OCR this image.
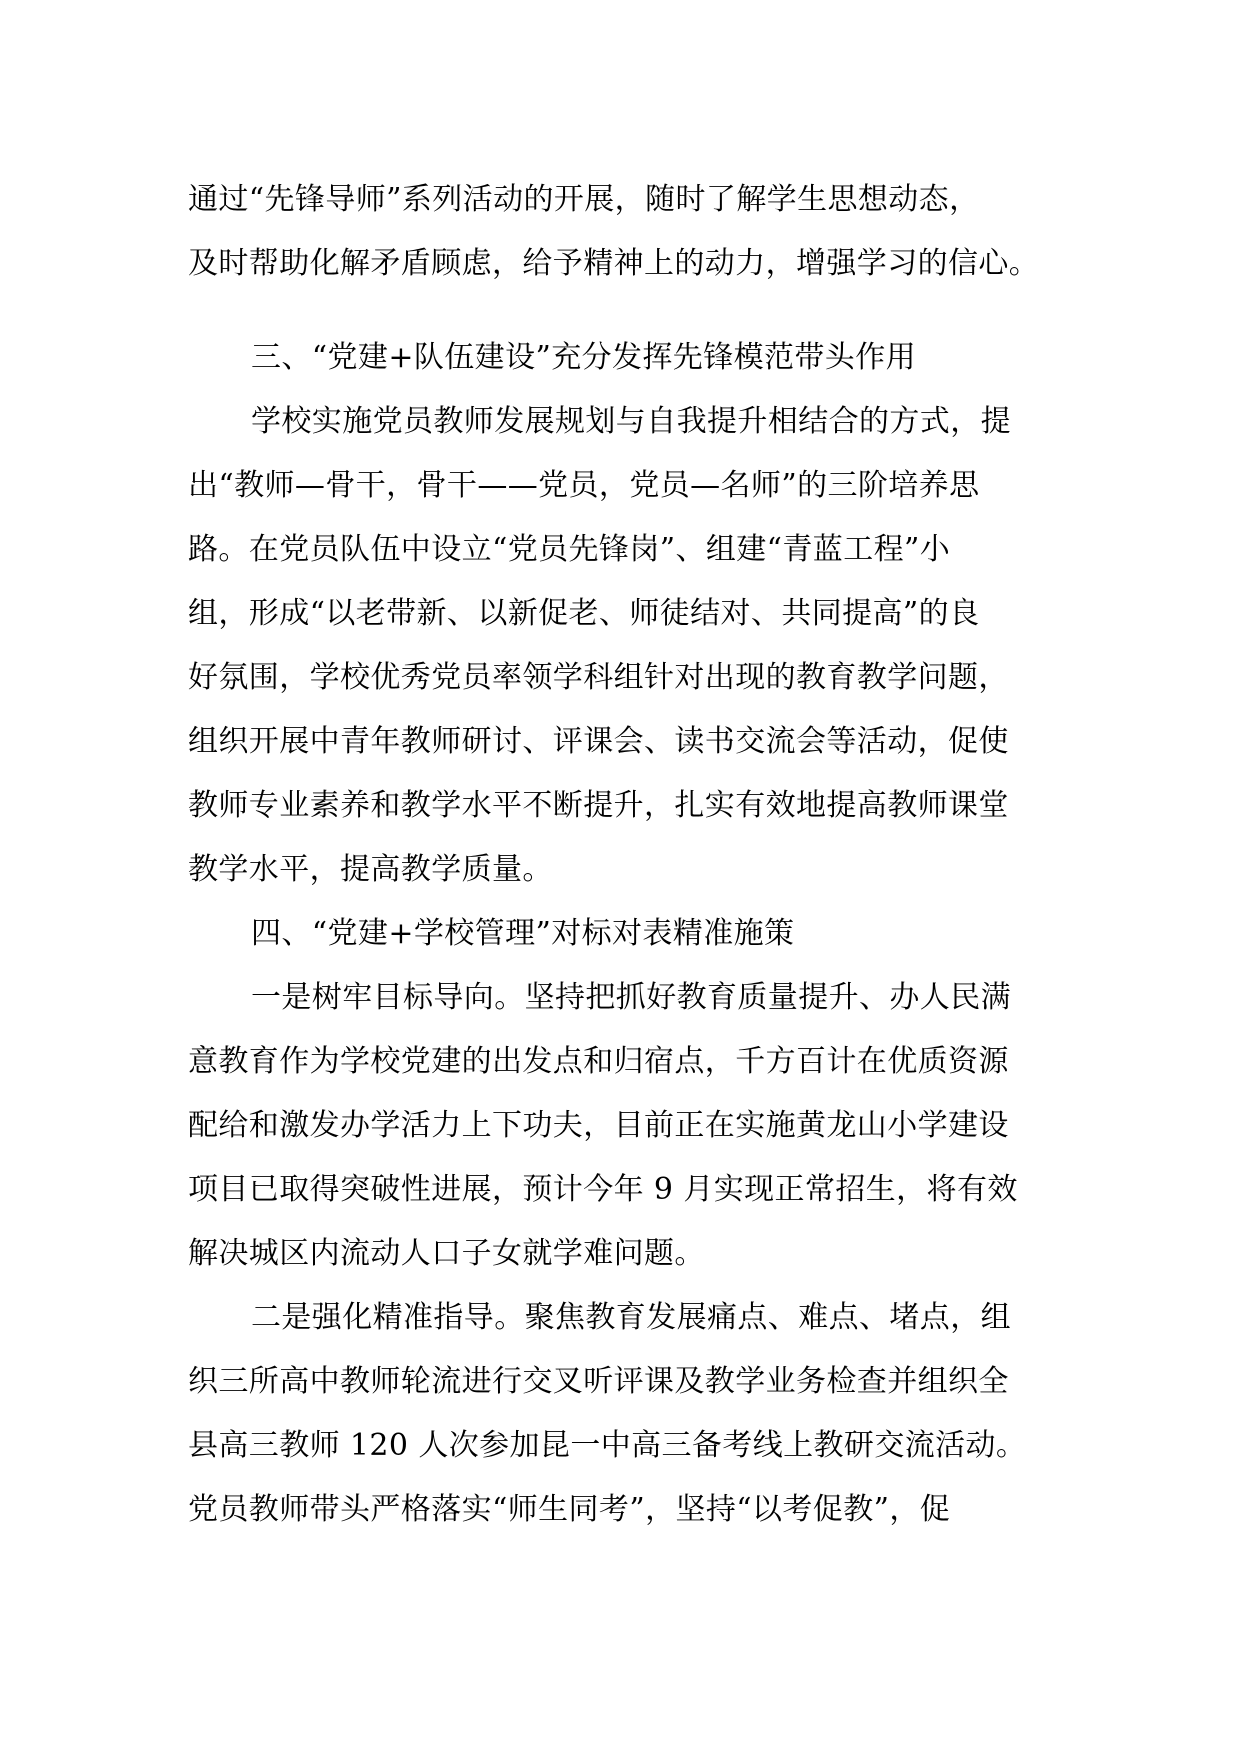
通过“先锋导师”系列活动的开展，随时了解学生思想动态，
及时帮助化解矛盾顾虑，给予精神上的动力，增强学习的信心。
三、“党建+队伍建设”充分发挥先锋模范带头作用
学校实施党员教师发展规划与自我提升相结合的方式，提
出“教师—骨干，骨干——党员，党员—名师”的三阶培养思
路。在党员队伍中设立“党员先锋岗”、组建“青蓝工程”小
组，形成“以老带新、以新促老、师徒结对、共同提高”的良
好氛围，学校优秀党员率领学科组针对出现的教育教学问题，
组织开展中青年教师研讨、评课会、读书交流会等活动，促使
教师专业素养和教学水平不断提升，扎实有效地提高教师课堂
教学水平，提高教学质量。
四、“党建+学校管理”对标对表精准施策
一是树牢目标导向。坚持把抓好教育质量提升、办人民满
意教育作为学校党建的出发点和归宿点，千方百计在优质资源
配给和激发办学活力上下功夫，目前正在实施黄龙山小学建设
项目已取得突破性进展，预计今年 9 月实现正常招生，将有效
解决城区内流动人口子女就学难问题。
二是强化精准指导。聚焦教育发展痛点、难点、堵点，组
织三所高中教师轮流进行交叉听评课及教学业务检查并组织全
县高三教师 120 人次参加昆一中高三备考线上教研交流活动。
党员教师带头严格落实“师生同考”，坚持“以考促教”，促
